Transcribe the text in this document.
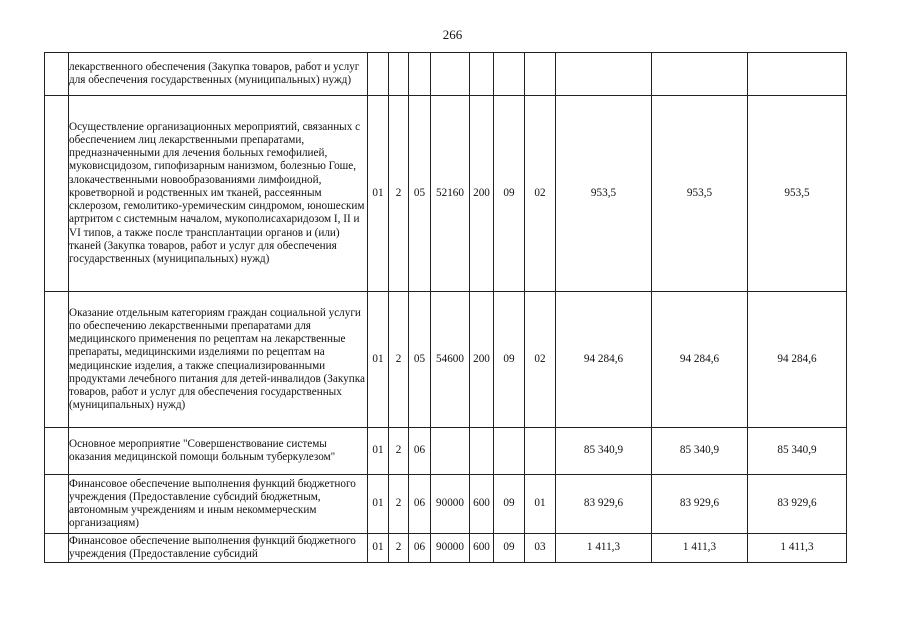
266
	лекарственного обеспечения (Закупка товаров, работ и услуг для обеспечения государственных (муниципальных) нужд)										
	Осуществление организационных мероприятий, связанных с обеспечением лиц лекарственными препаратами, предназначенными для лечения больных гемофилией, муковисцидозом, гипофизарным нанизмом, болезнью Гоше, злокачественными новообразованиями лимфоидной, кроветворной и родственных им тканей, рассеянным склерозом, гемолитико-уремическим синдромом, юношеским артритом с системным началом, мукополисахаридозом I, II и VI типов, а также после трансплантации органов и (или) тканей (Закупка товаров, работ и услуг для обеспечения государственных (муниципальных) нужд)	01	2	05	52160	200	09	02	953,5	953,5	953,5
	Оказание отдельным категориям граждан социальной услуги по обеспечению лекарственными препаратами для медицинского применения по рецептам на лекарственные препараты, медицинскими изделиями по рецептам на медицинские изделия, а также специализированными продуктами лечебного питания для детей-инвалидов (Закупка товаров, работ и услуг для обеспечения государственных (муниципальных) нужд)	01	2	05	54600	200	09	02	94 284,6	94 284,6	94 284,6
	Основное мероприятие "Совершенствование системы оказания медицинской помощи больным туберкулезом"	01	2	06					85 340,9	85 340,9	85 340,9
	Финансовое обеспечение выполнения функций бюджетного учреждения (Предоставление субсидий бюджетным, автономным учреждениям и иным некоммерческим организациям)	01	2	06	90000	600	09	01	83 929,6	83 929,6	83 929,6
	Финансовое обеспечение выполнения функций бюджетного учреждения (Предоставление субсидий	01	2	06	90000	600	09	03	1 411,3	1 411,3	1 411,3
